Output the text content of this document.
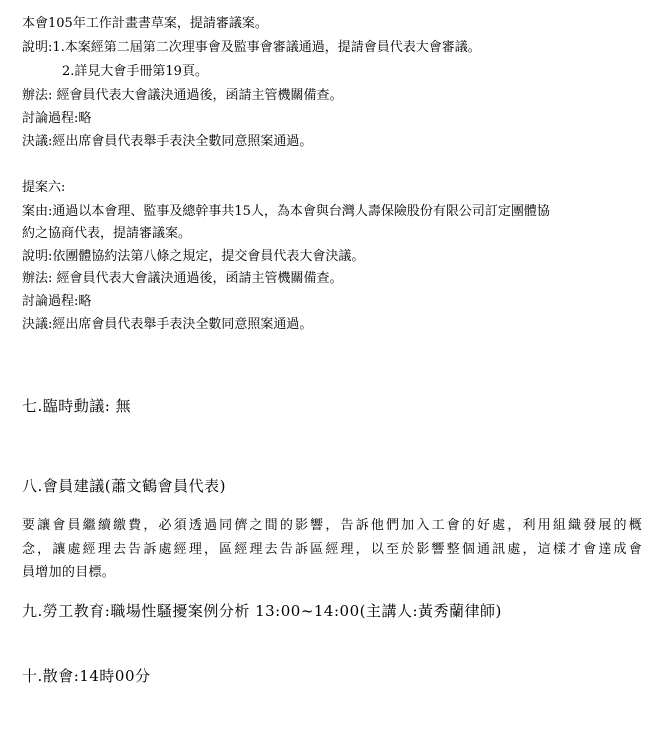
本會105年工作計畫書草案，提請審議案。
說明:1.本案經第二屆第二次理事會及監事會審議通過，提請會員代表大會審議。
2.詳見大會手冊第19頁。
辦法: 經會員代表大會議決通過後，函請主管機關備查。
討論過程:略
決議:經出席會員代表舉手表決全數同意照案通過。
提案六:
案由:通過以本會理、監事及總幹事共15人，為本會與台灣人壽保險股份有限公司訂定團體協
約之協商代表，提請審議案。
說明:依團體協約法第八條之規定，提交會員代表大會決議。
辦法: 經會員代表大會議決通過後，函請主管機關備查。
討論過程:略
決議:經出席會員代表舉手表決全數同意照案通過。
七.臨時動議: 無
八.會員建議(蕭文鶴會員代表)
要讓會員繼續繳費，必須透過同儕之間的影響，告訴他們加入工會的好處，利用組織發展的概
念，讓處經理去告訴處經理，區經理去告訴區經理，以至於影響整個通訊處，這樣才會達成會
員增加的目標。
九.勞工教育:職場性騷擾案例分析 13:00~14:00(主講人:黃秀蘭律師)
十.散會:14時00分
